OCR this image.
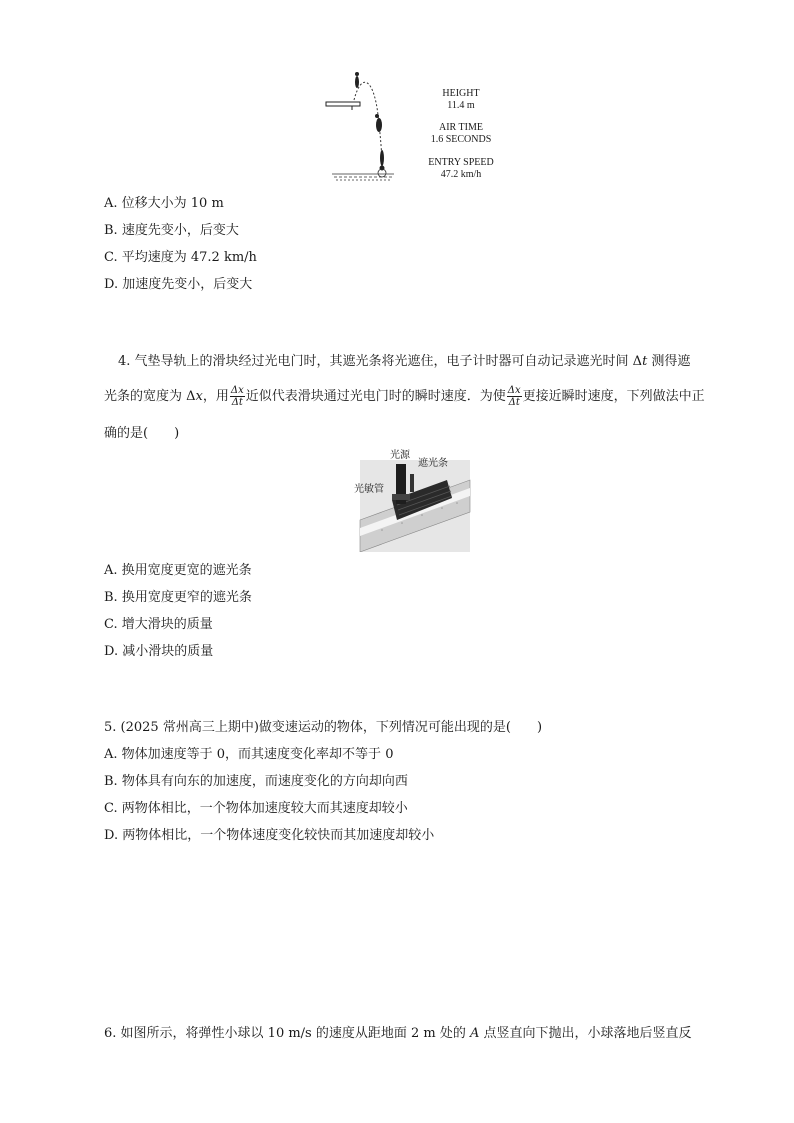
HEIGHT
11.4 m
AIR TIME
1.6 SECONDS
ENTRY SPEED
47.2 km/h
A. 位移大小为 10 m
B. 速度先变小，后变大
C. 平均速度为 47.2 km/h
D. 加速度先变小，后变大
4. 气垫导轨上的滑块经过光电门时，其遮光条将光遮住，电子计时器可自动记录遮光时间 Δt 测得遮
光条的宽度为 Δx，用 $\frac{\Delta x}{\Delta t}$ 近似代表滑块通过光电门时的瞬时速度．为使 $\frac{\Delta x}{\Delta t}$ 更接近瞬时速度，下列做法中正
确的是(　　)
光源
遮光条
光敏管
A. 换用宽度更宽的遮光条
B. 换用宽度更窄的遮光条
C. 增大滑块的质量
D. 减小滑块的质量
5. (2025 常州高三上期中)做变速运动的物体，下列情况可能出现的是(　　)
A. 物体加速度等于 0，而其速度变化率却不等于 0
B. 物体具有向东的加速度，而速度变化的方向却向西
C. 两物体相比，一个物体加速度较大而其速度却较小
D. 两物体相比，一个物体速度变化较快而其加速度却较小
6. 如图所示，将弹性小球以 10 m/s 的速度从距地面 2 m 处的 A 点竖直向下抛出，小球落地后竖直反
